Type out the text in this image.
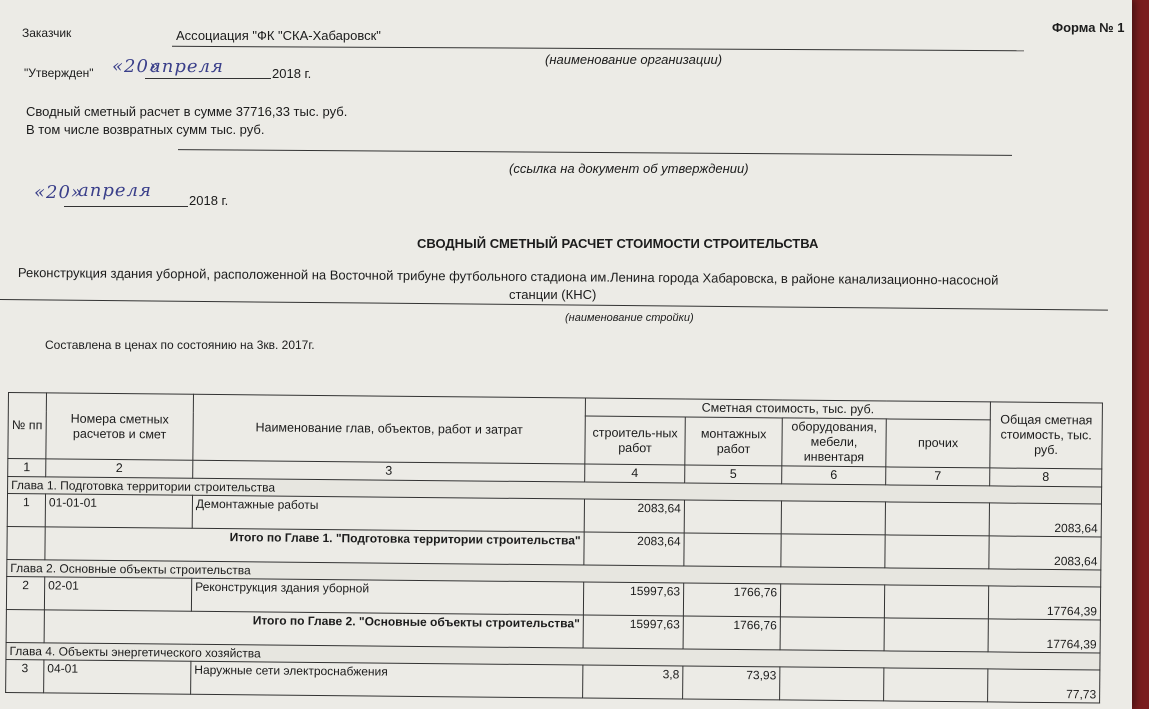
Заказчик	Ассоциация "ФК "СКА-Хабаровск"
Форма № 1
(наименование организации)
"Утвержден" «20»
апреля	2018 г.
Сводный сметный расчет в сумме 37716,33 тыс. руб.
В том числе возвратных сумм тыс. руб.
(ссылка на документ об утверждении)
«20»
апреля	2018 г.
СВОДНЫЙ СМЕТНЫЙ РАСЧЕТ СТОИМОСТИ СТРОИТЕЛЬСТВА
Реконструкция здания уборной, расположенной на Восточной трибуне футбольного стадиона им.Ленина города Хабаровска, в районе канализационно-насосной
станции (КНС)
(наименование стройки)
Составлена в ценах по состоянию на 3кв. 2017г.
№ пп	Номера сметных расчетов и смет	Наименование глав, объектов, работ и затрат	Сметная стоимость, тыс. руб.				Общая сметная стоимость, тыс. руб.
			строитель-ных работ	монтажных работ	оборудования, мебели, инвентаря	прочих	
1	2	3	4	5	6	7	8
Глава 1. Подготовка территории строительства							
1	01-01-01	Демонтажные работы	2083,64				2083,64
	Итого по Главе 1. "Подготовка территории строительства"		2083,64				2083,64
Глава 2. Основные объекты строительства							
2	02-01	Реконструкция здания уборной	15997,63	1766,76			17764,39
	Итого по Главе 2. "Основные объекты строительства"		15997,63	1766,76			17764,39
Глава 4. Объекты энергетического хозяйства							
3	04-01	Наружные сети электроснабжения	3,8	73,93			77,73
